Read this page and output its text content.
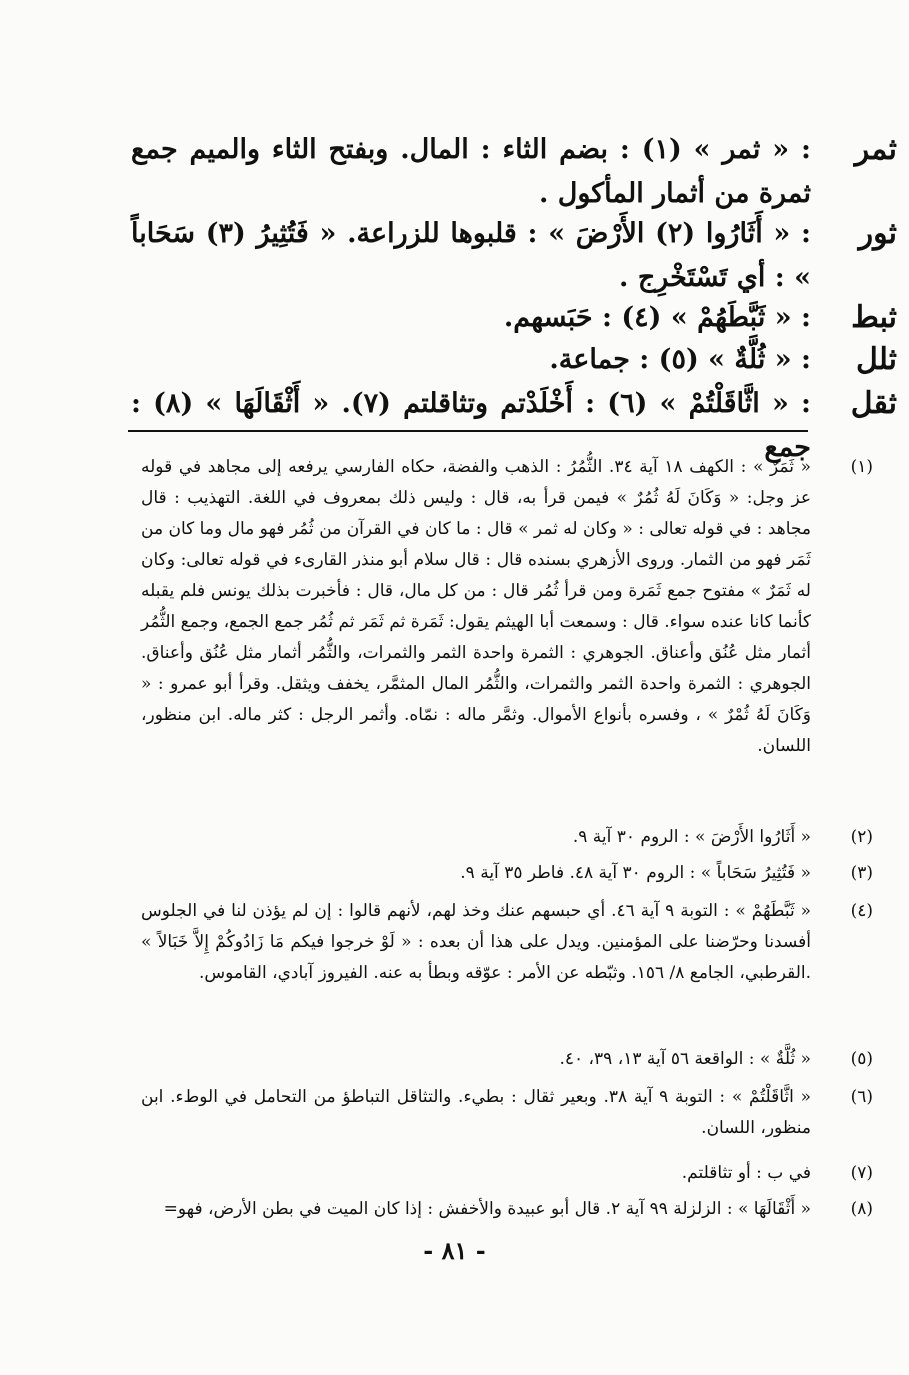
ثمر
: « ثمر » (١) : بضم الثاء : المال. وبفتح الثاء والميم جمع ثمرة من أثمار المأكول .
ثور
: « أَثَارُوا (٢) الأَرْضَ » : قلبوها للزراعة. « فَتُثِيرُ (٣) سَحَاباً » : أي تَسْتَخْرِج .
ثبط
: « ثَبَّطَهُمْ » (٤) : حَبَسهم.
ثلل
: « ثُلَّةٌ » (٥) : جماعة.
ثقل
: « اثَّاقَلْتُمْ » (٦) : أَخْلَدْتم وتثاقلتم (٧). « أَثْقَالَهَا » (٨) : جمع
(١)
« ثَمَرٌ » : الكهف ١٨ آية ٣٤. الثُّمُرُ : الذهب والفضة، حكاه الفارسي يرفعه إلى مجاهد في قوله عز وجل: « وَكَانَ لَهُ ثُمُرٌ » فيمن قرأ به، قال : وليس ذلك بمعروف في اللغة. التهذيب : قال مجاهد : في قوله تعالى : « وكان له ثمر » قال : ما كان في القرآن من ثُمُر فهو مال وما كان من ثَمَر فهو من الثمار. وروى الأزهري بسنده قال : قال سلام أبو منذر القارىء في قوله تعالى: وكان له ثَمَرٌ » مفتوح جمع ثَمَرة ومن قرأ ثُمُر قال : من كل مال، قال : فأخبرت بذلك يونس فلم يقبله كأنما كانا عنده سواء. قال : وسمعت أبا الهيثم يقول: ثَمَرة ثم ثَمَر ثم ثُمُر جمع الجمع، وجمع الثُّمُر أثمار مثل عُنُق وأعناق. الجوهري : الثمرة واحدة الثمر والثمرات، والثُّمُر أثمار مثل عُنُق وأعناق. الجوهري : الثمرة واحدة الثمر والثمرات، والثُّمُر المال المثمَّر، يخفف ويثقل. وقرأ أبو عمرو : « وَكَانَ لَهُ ثُمْرٌ » ، وفسره بأنواع الأموال. وثمَّر ماله : نمّاه. وأثمر الرجل : كثر ماله. ابن منظور، اللسان.
(٢)
« أَثَارُوا الأَرْضَ » : الروم ٣٠ آية ٩.
(٣)
« فَتُثِيرُ سَحَاباً » : الروم ٣٠ آية ٤٨. فاطر ٣٥ آية ٩.
(٤)
« ثَبَّطَهُمْ » : التوبة ٩ آية ٤٦. أي حبسهم عنك وخذ لهم، لأنهم قالوا : إن لم يؤذن لنا في الجلوس أفسدنا وحرّضنا على المؤمنين. ويدل على هذا أن بعده : « لَوْ خرجوا فيكم مَا زَادُوكُمْ إِلاَّ خَبَالاً » .القرطبي، الجامع ٨/ ١٥٦. وثبّطه عن الأمر : عوّقه وبطأ به عنه. الفيروز آبادي، القاموس.
(٥)
« ثُلَّةٌ » : الواقعة ٥٦ آية ١٣، ٣٩، ٤٠.
(٦)
« اثَّاقَلْتُمْ » : التوبة ٩ آية ٣٨. وبعير ثقال : بطيء. والتثاقل التباطؤ من التحامل في الوطء. ابن منظور، اللسان.
(٧)
في ب : أو تثاقلتم.
(٨)
« أَثْقَالَهَا » : الزلزلة ٩٩ آية ٢. قال أبو عبيدة والأخفش : إذا كان الميت في بطن الأرض، فهو=
- ٨١ -
